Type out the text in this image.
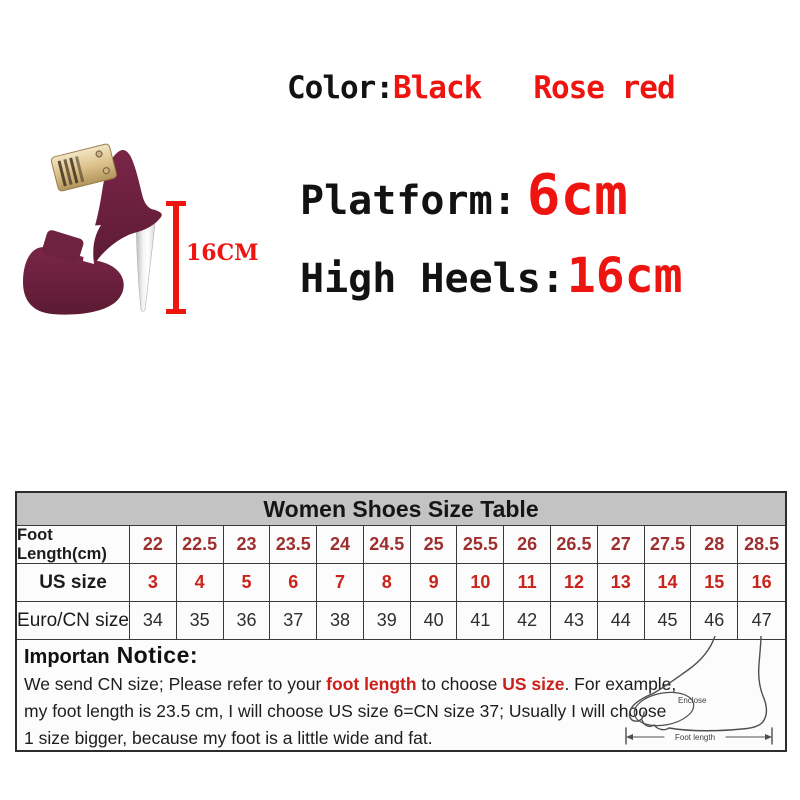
16CM
Color:Black Rose red
Platform: 6cm
High Heels:16cm
Women Shoes Size Table
Foot Length(cm)	22	22.5	23	23.5	24	24.5	25	25.5	26	26.5	27	27.5	28	28.5
US size	3	4	5	6	7	8	9	10	11	12	13	14	15	16
Euro/CN size 34	35	36	37	38	39	40	41	42	43	44	45	46	47
Importan Notice:
We send CN size; Please refer to your foot length to choose US size. For example,
my foot length is 23.5 cm, I will choose US size 6=CN size 37; Usually I will choose
1 size bigger, because my foot is a little wide and fat.
Enclose
Foot length
